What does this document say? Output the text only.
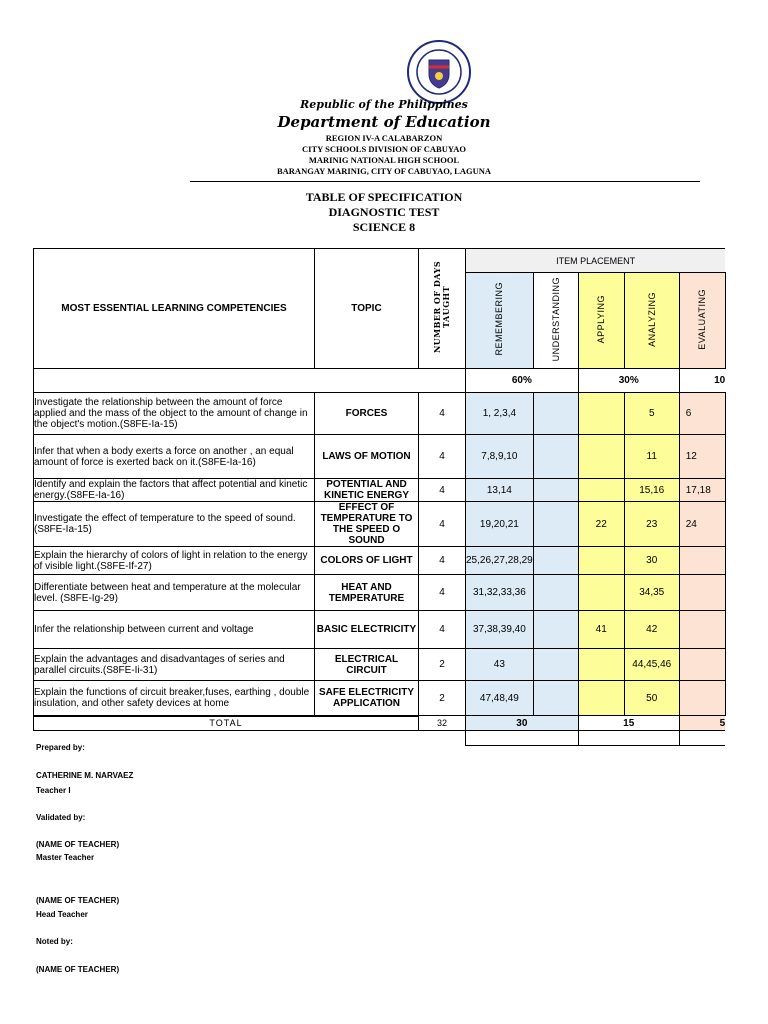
Republic of the Philippines
Department of Education
REGION IV-A CALABARZON
CITY SCHOOLS DIVISION OF CABUYAO
MARINIG NATIONAL HIGH SCHOOL
BARANGAY MARINIG, CITY OF CABUYAO, LAGUNA
TABLE OF SPECIFICATION
DIAGNOSTIC TEST
SCIENCE 8
MOST ESSENTIAL LEARNING COMPETENCIES	TOPIC	NUMBER OF DAYS TAUGHT	ITEM PLACEMENT				
			REMEMBERING	UNDERSTANDING	APPLYING	ANALYZING	EVALUATING
			60%		30%		10
Investigate the relationship between the amount of force applied and the mass of the object to the amount of change in the object's motion.(S8FE-Ia-15)	FORCES	4	1, 2,3,4			5	6
Infer that when a body exerts a force on another , an equal amount of force is exerted back on it.(S8FE-Ia-16)	LAWS OF MOTION	4	7,8,9,10			11	12
Identify and explain the factors that affect potential and kinetic energy.(S8FE-Ia-16)	POTENTIAL AND KINETIC ENERGY	4	13,14			15,16	17,18
Investigate the effect of temperature to the speed of sound.(S8FE-Ia-15)	EFFECT OF TEMPERATURE TO THE SPEED O SOUND	4	19,20,21		22	23	24
Explain the hierarchy of colors of light in relation to the energy of visible light.(S8FE-If-27)	COLORS OF LIGHT	4	25,26,27,28,29			30	
Differentiate between heat and temperature at the molecular level. (S8FE-Ig-29)	HEAT AND TEMPERATURE	4	31,32,33,36			34,35	
Infer the relationship between current and voltage	BASIC ELECTRICITY	4	37,38,39,40		41	42	
Explain the advantages and disadvantages of series and parallel circuits.(S8FE-Ii-31)	ELECTRICAL CIRCUIT	2	43			44,45,46	
Explain the functions of circuit breaker,fuses, earthing , double insulation, and other safety devices at home	SAFE ELECTRICITY APPLICATION	2	47,48,49			50	
TOTAL		32	30		15		5

Prepared by:
CATHERINE M. NARVAEZ
Teacher I
Validated by:
(NAME OF TEACHER)
Master Teacher
(NAME OF TEACHER)
Head Teacher
Noted by:
(NAME OF TEACHER)
